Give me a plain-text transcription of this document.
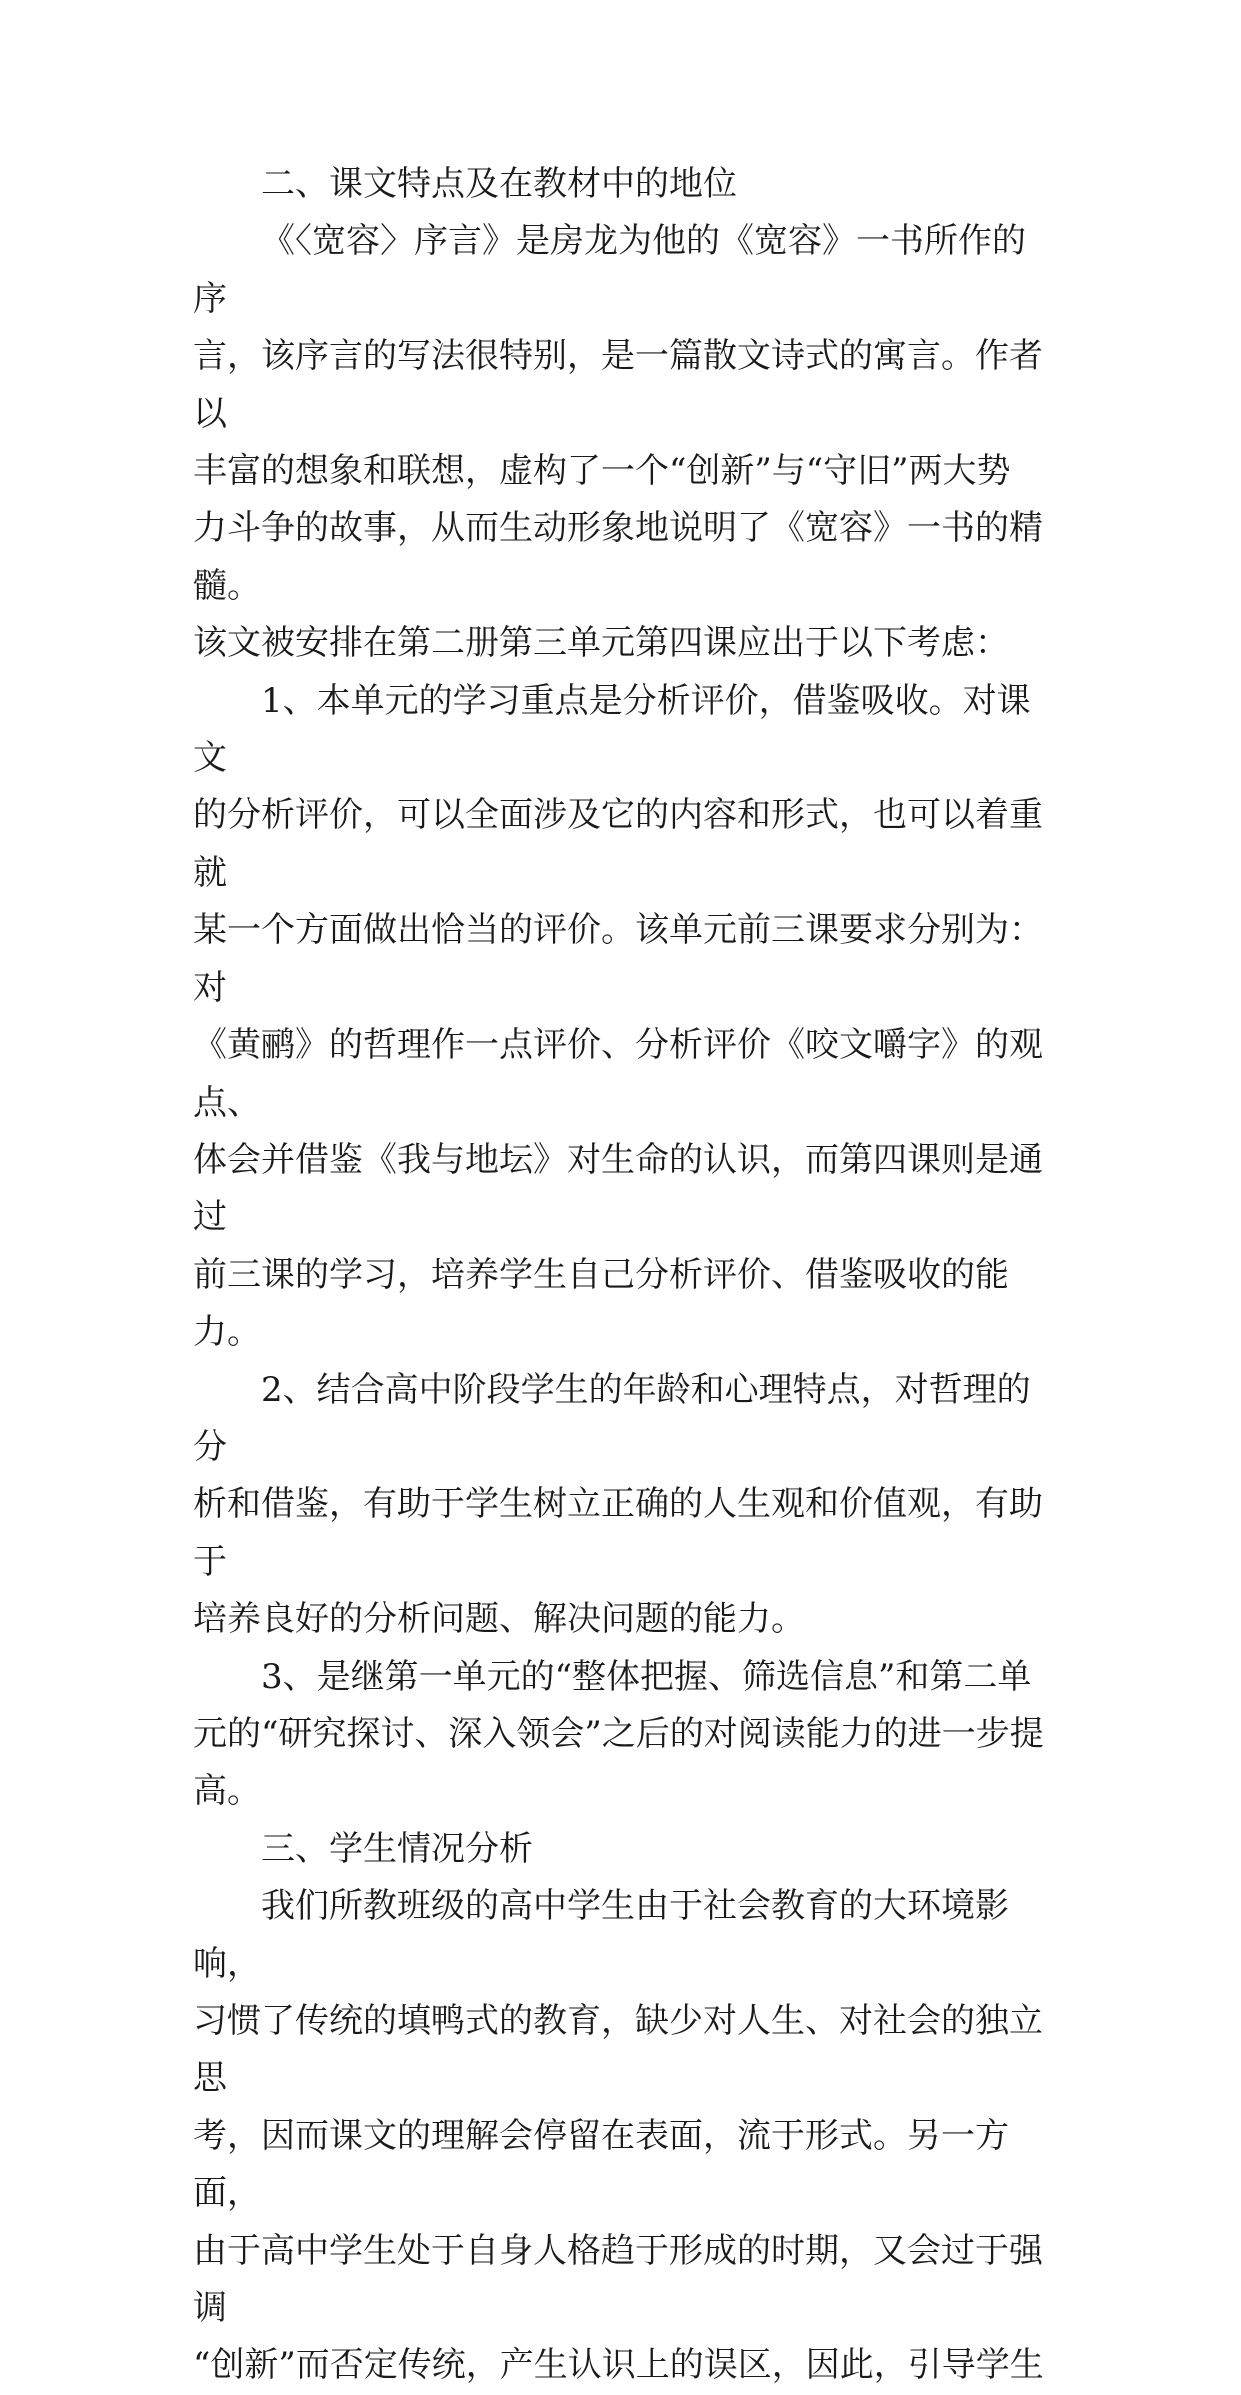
二、课文特点及在教材中的地位
《〈宽容〉序言》是房龙为他的《宽容》一书所作的序
言，该序言的写法很特别，是一篇散文诗式的寓言。作者以
丰富的想象和联想，虚构了一个“创新”与“守旧”两大势
力斗争的故事，从而生动形象地说明了《宽容》一书的精髓。
该文被安排在第二册第三单元第四课应出于以下考虑：
1、本单元的学习重点是分析评价，借鉴吸收。对课文
的分析评价，可以全面涉及它的内容和形式，也可以着重就
某一个方面做出恰当的评价。该单元前三课要求分别为：对
《黄鹂》的哲理作一点评价、分析评价《咬文嚼字》的观点、
体会并借鉴《我与地坛》对生命的认识，而第四课则是通过
前三课的学习，培养学生自己分析评价、借鉴吸收的能力。
2、结合高中阶段学生的年龄和心理特点，对哲理的分
析和借鉴，有助于学生树立正确的人生观和价值观，有助于
培养良好的分析问题、解决问题的能力。
3、是继第一单元的“整体把握、筛选信息”和第二单
元的“研究探讨、深入领会”之后的对阅读能力的进一步提
高。
三、学生情况分析
我们所教班级的高中学生由于社会教育的大环境影响，
习惯了传统的填鸭式的教育，缺少对人生、对社会的独立思
考，因而课文的理解会停留在表面，流于形式。另一方面，
由于高中学生处于自身人格趋于形成的时期，又会过于强调
“创新”而否定传统，产生认识上的误区，因此，引导学生
